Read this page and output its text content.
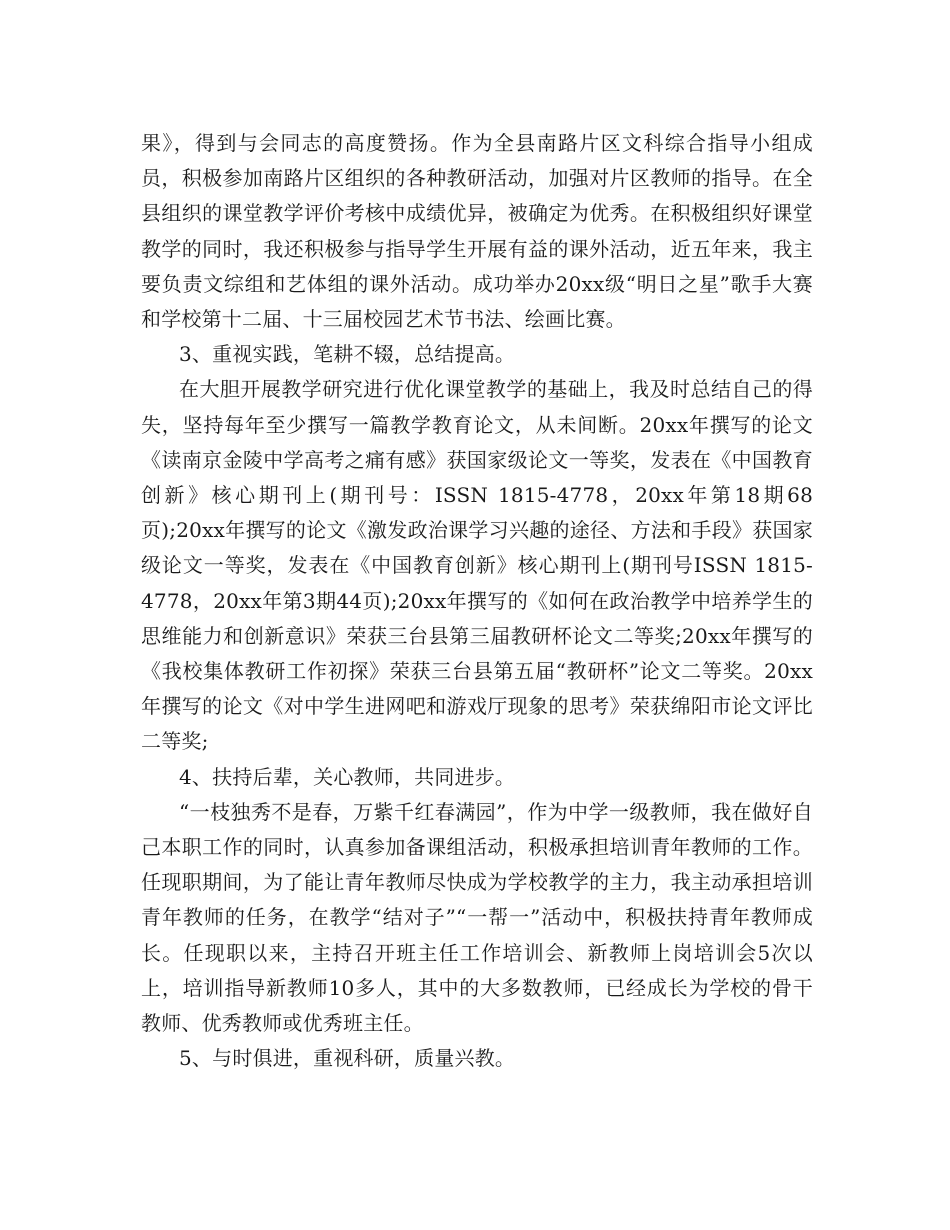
果》，得到与会同志的高度赞扬。作为全县南路片区文科综合指导小组成员，积极参加南路片区组织的各种教研活动，加强对片区教师的指导。在全县组织的课堂教学评价考核中成绩优异，被确定为优秀。在积极组织好课堂教学的同时，我还积极参与指导学生开展有益的课外活动，近五年来，我主要负责文综组和艺体组的课外活动。成功举办20xx级“明日之星”歌手大赛和学校第十二届、十三届校园艺术节书法、绘画比赛。

3、重视实践，笔耕不辍，总结提高。

在大胆开展教学研究进行优化课堂教学的基础上，我及时总结自己的得失，坚持每年至少撰写一篇教学教育论文，从未间断。20xx年撰写的论文《读南京金陵中学高考之痛有感》获国家级论文一等奖，发表在《中国教育创新》核心期刊上(期刊号：ISSN 1815-4778，20xx年第18期68页);20xx年撰写的论文《激发政治课学习兴趣的途径、方法和手段》获国家级论文一等奖，发表在《中国教育创新》核心期刊上(期刊号ISSN 1815-4778，20xx年第3期44页);20xx年撰写的《如何在政治教学中培养学生的思维能力和创新意识》荣获三台县第三届教研杯论文二等奖;20xx年撰写的《我校集体教研工作初探》荣获三台县第五届“教研杯”论文二等奖。20xx年撰写的论文《对中学生进网吧和游戏厅现象的思考》荣获绵阳市论文评比二等奖;

4、扶持后辈，关心教师，共同进步。

“一枝独秀不是春，万紫千红春满园”，作为中学一级教师，我在做好自己本职工作的同时，认真参加备课组活动，积极承担培训青年教师的工作。任现职期间，为了能让青年教师尽快成为学校教学的主力，我主动承担培训青年教师的任务，在教学“结对子”“一帮一”活动中，积极扶持青年教师成长。任现职以来，主持召开班主任工作培训会、新教师上岗培训会5次以上，培训指导新教师10多人，其中的大多数教师，已经成长为学校的骨干教师、优秀教师或优秀班主任。

5、与时俱进，重视科研，质量兴教。
